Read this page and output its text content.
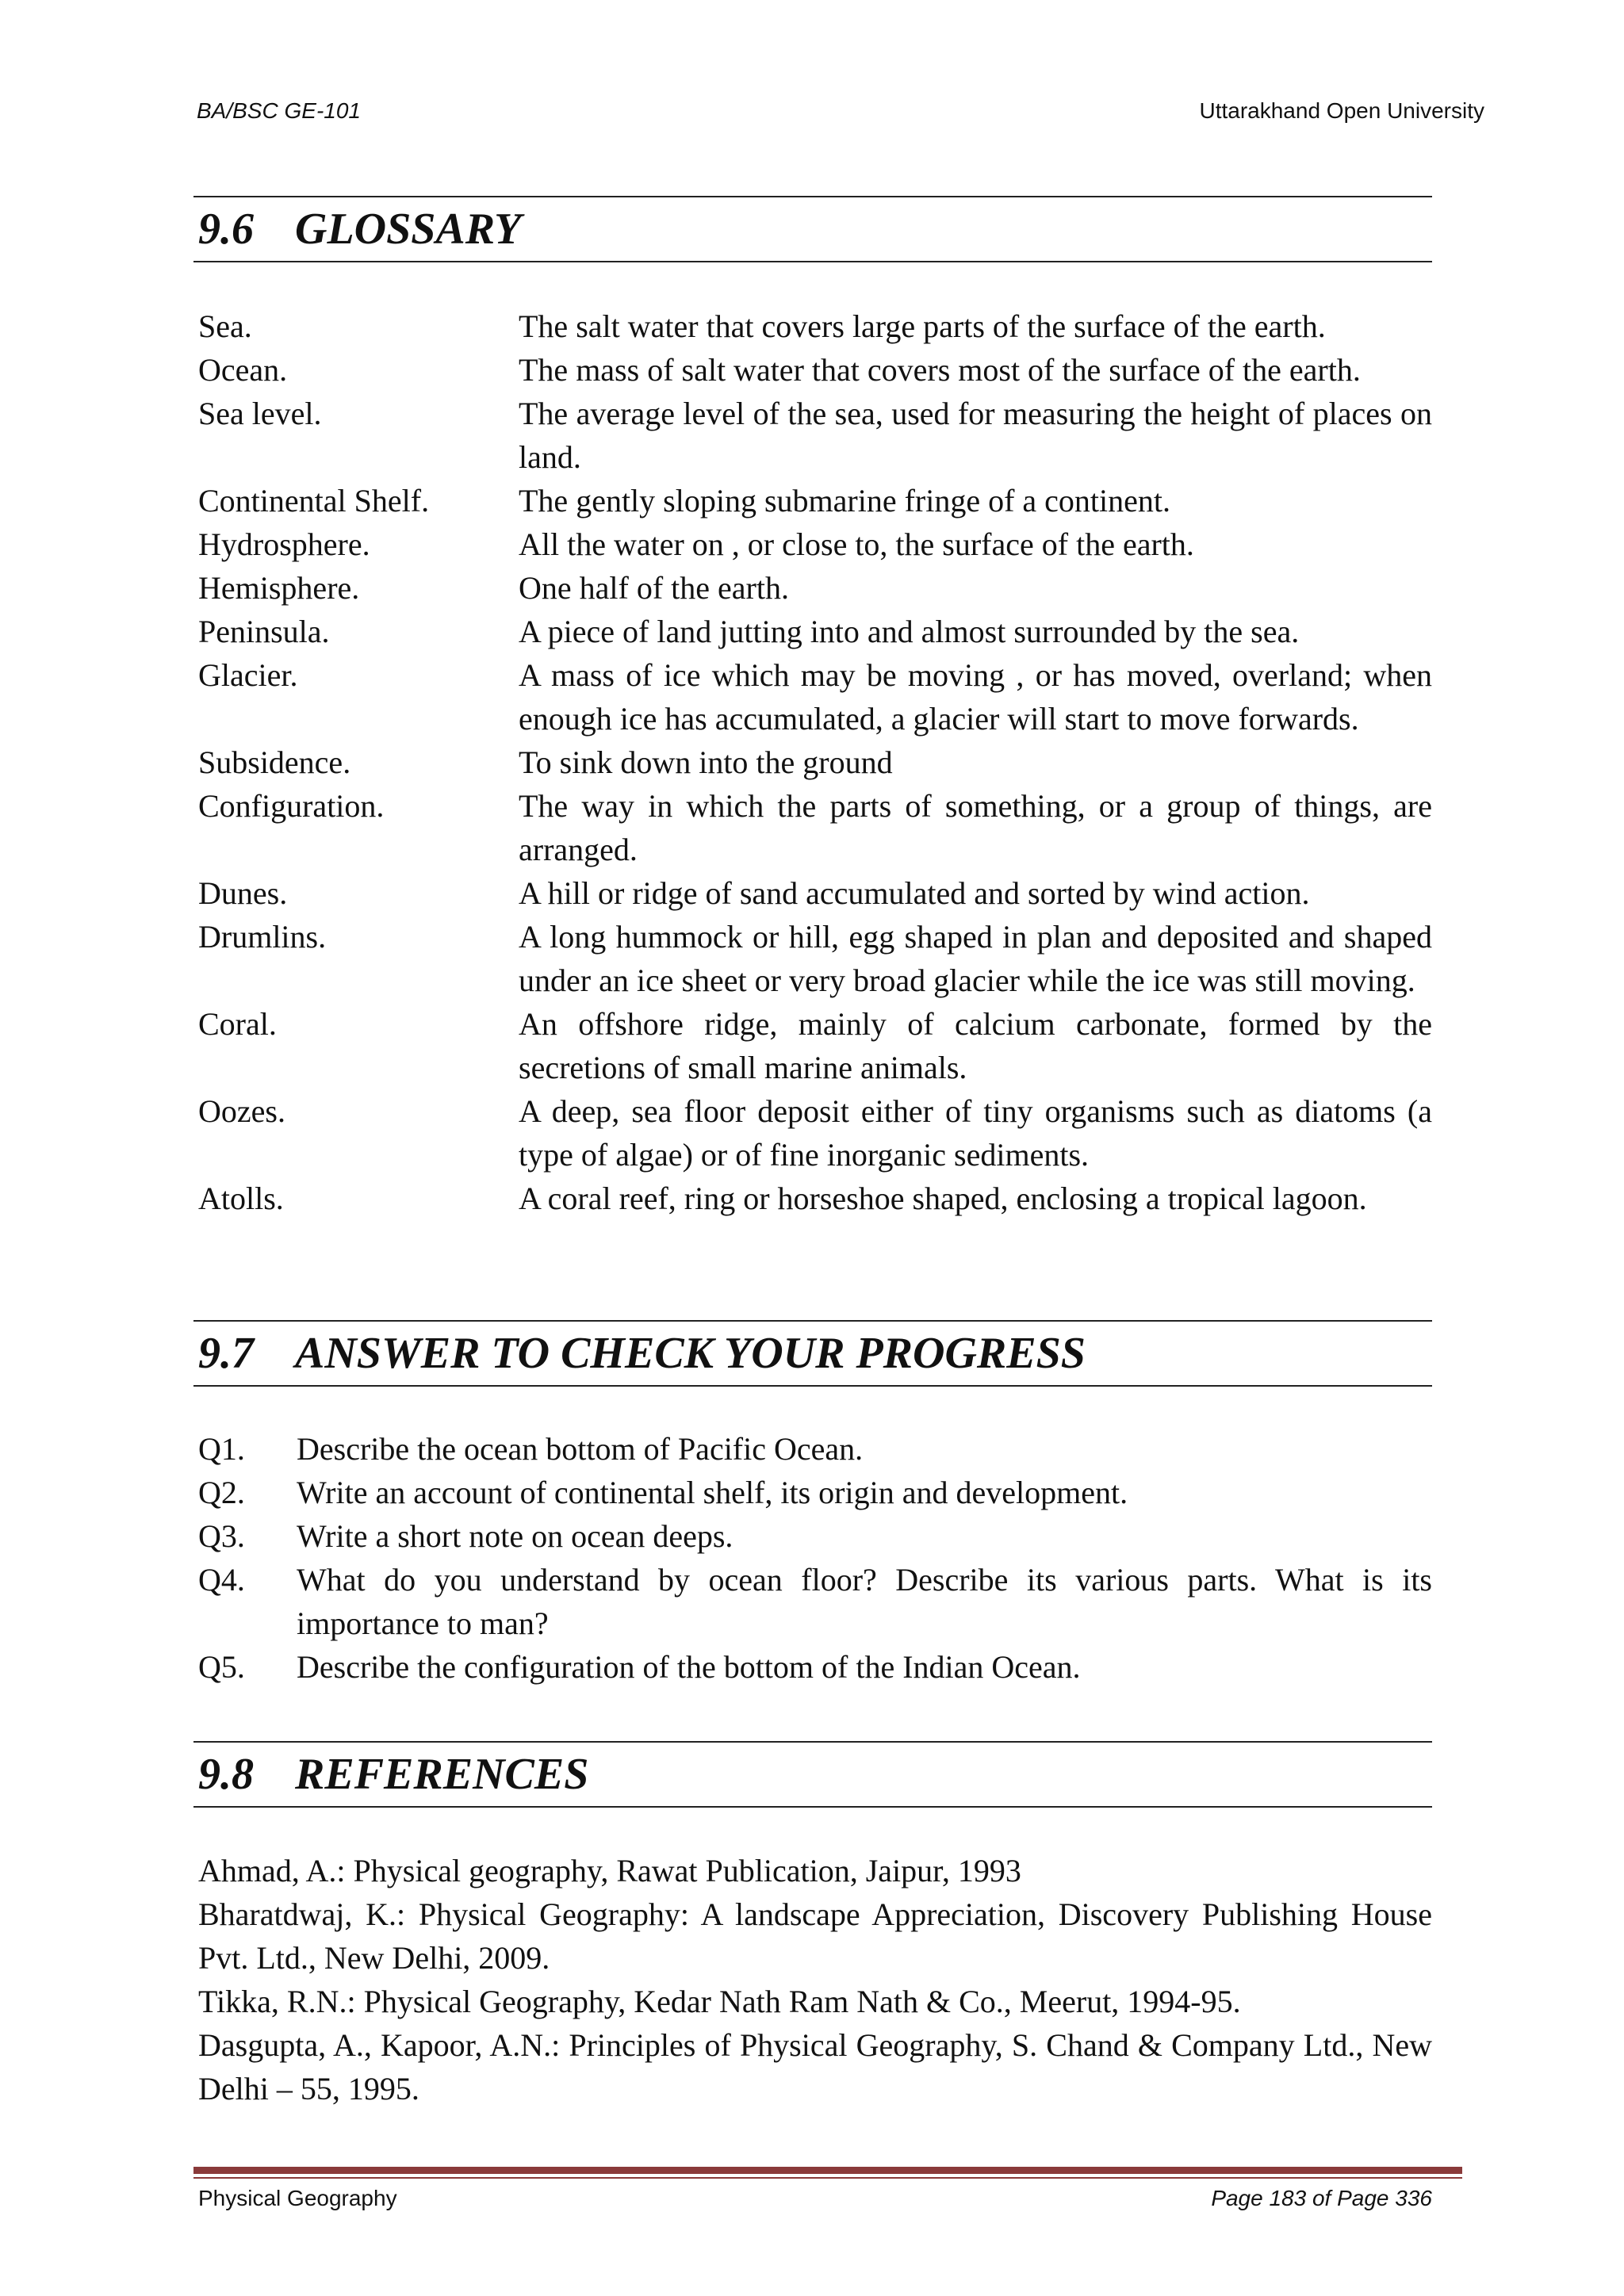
BA/BSC GE-101	Uttarakhand Open University
9.6 GLOSSARY
Sea.	The salt water that covers large parts of the surface of the earth.
Ocean.	The mass of salt water that covers most of the surface of the earth.
Sea level.	The average level of the sea, used for measuring the height of places on land.
Continental Shelf.	The gently sloping submarine fringe of a continent.
Hydrosphere.	All the water on , or close to, the surface of the earth.
Hemisphere.	One half of the earth.
Peninsula.	A piece of land jutting into and almost surrounded by the sea.
Glacier.	A mass of ice which may be moving , or has moved, overland; when enough ice has accumulated, a glacier will start to move forwards.
Subsidence.	To sink down into the ground
Configuration.	The way in which the parts of something, or a group of things, are arranged.
Dunes.	A hill or ridge of sand accumulated and sorted by wind action.
Drumlins.	A long hummock or hill, egg shaped in plan and deposited and shaped under an ice sheet or very broad glacier while the ice was still moving.
Coral.	An offshore ridge, mainly of calcium carbonate, formed by the secretions of small marine animals.
Oozes.	A deep, sea floor deposit either of tiny organisms such as diatoms (a type of algae) or of fine inorganic sediments.
Atolls.	A coral reef, ring or horseshoe shaped, enclosing a tropical lagoon.
9.7 ANSWER TO CHECK YOUR PROGRESS
Q1.	Describe the ocean bottom of Pacific Ocean.
Q2.	Write an account of continental shelf, its origin and development.
Q3.	Write a short note on ocean deeps.
Q4.	What do you understand by ocean floor? Describe its various parts. What is its importance to man?
Q5.	Describe the configuration of the bottom of the Indian Ocean.
9.8 REFERENCES
Ahmad, A.: Physical geography, Rawat Publication, Jaipur, 1993
Bharatdwaj, K.: Physical Geography: A landscape Appreciation, Discovery Publishing House Pvt. Ltd., New Delhi, 2009.
Tikka, R.N.: Physical Geography, Kedar Nath Ram Nath & Co., Meerut, 1994-95.
Dasgupta, A., Kapoor, A.N.: Principles of Physical Geography, S. Chand & Company Ltd., New Delhi – 55, 1995.
Physical Geography	Page 183 of Page 336
